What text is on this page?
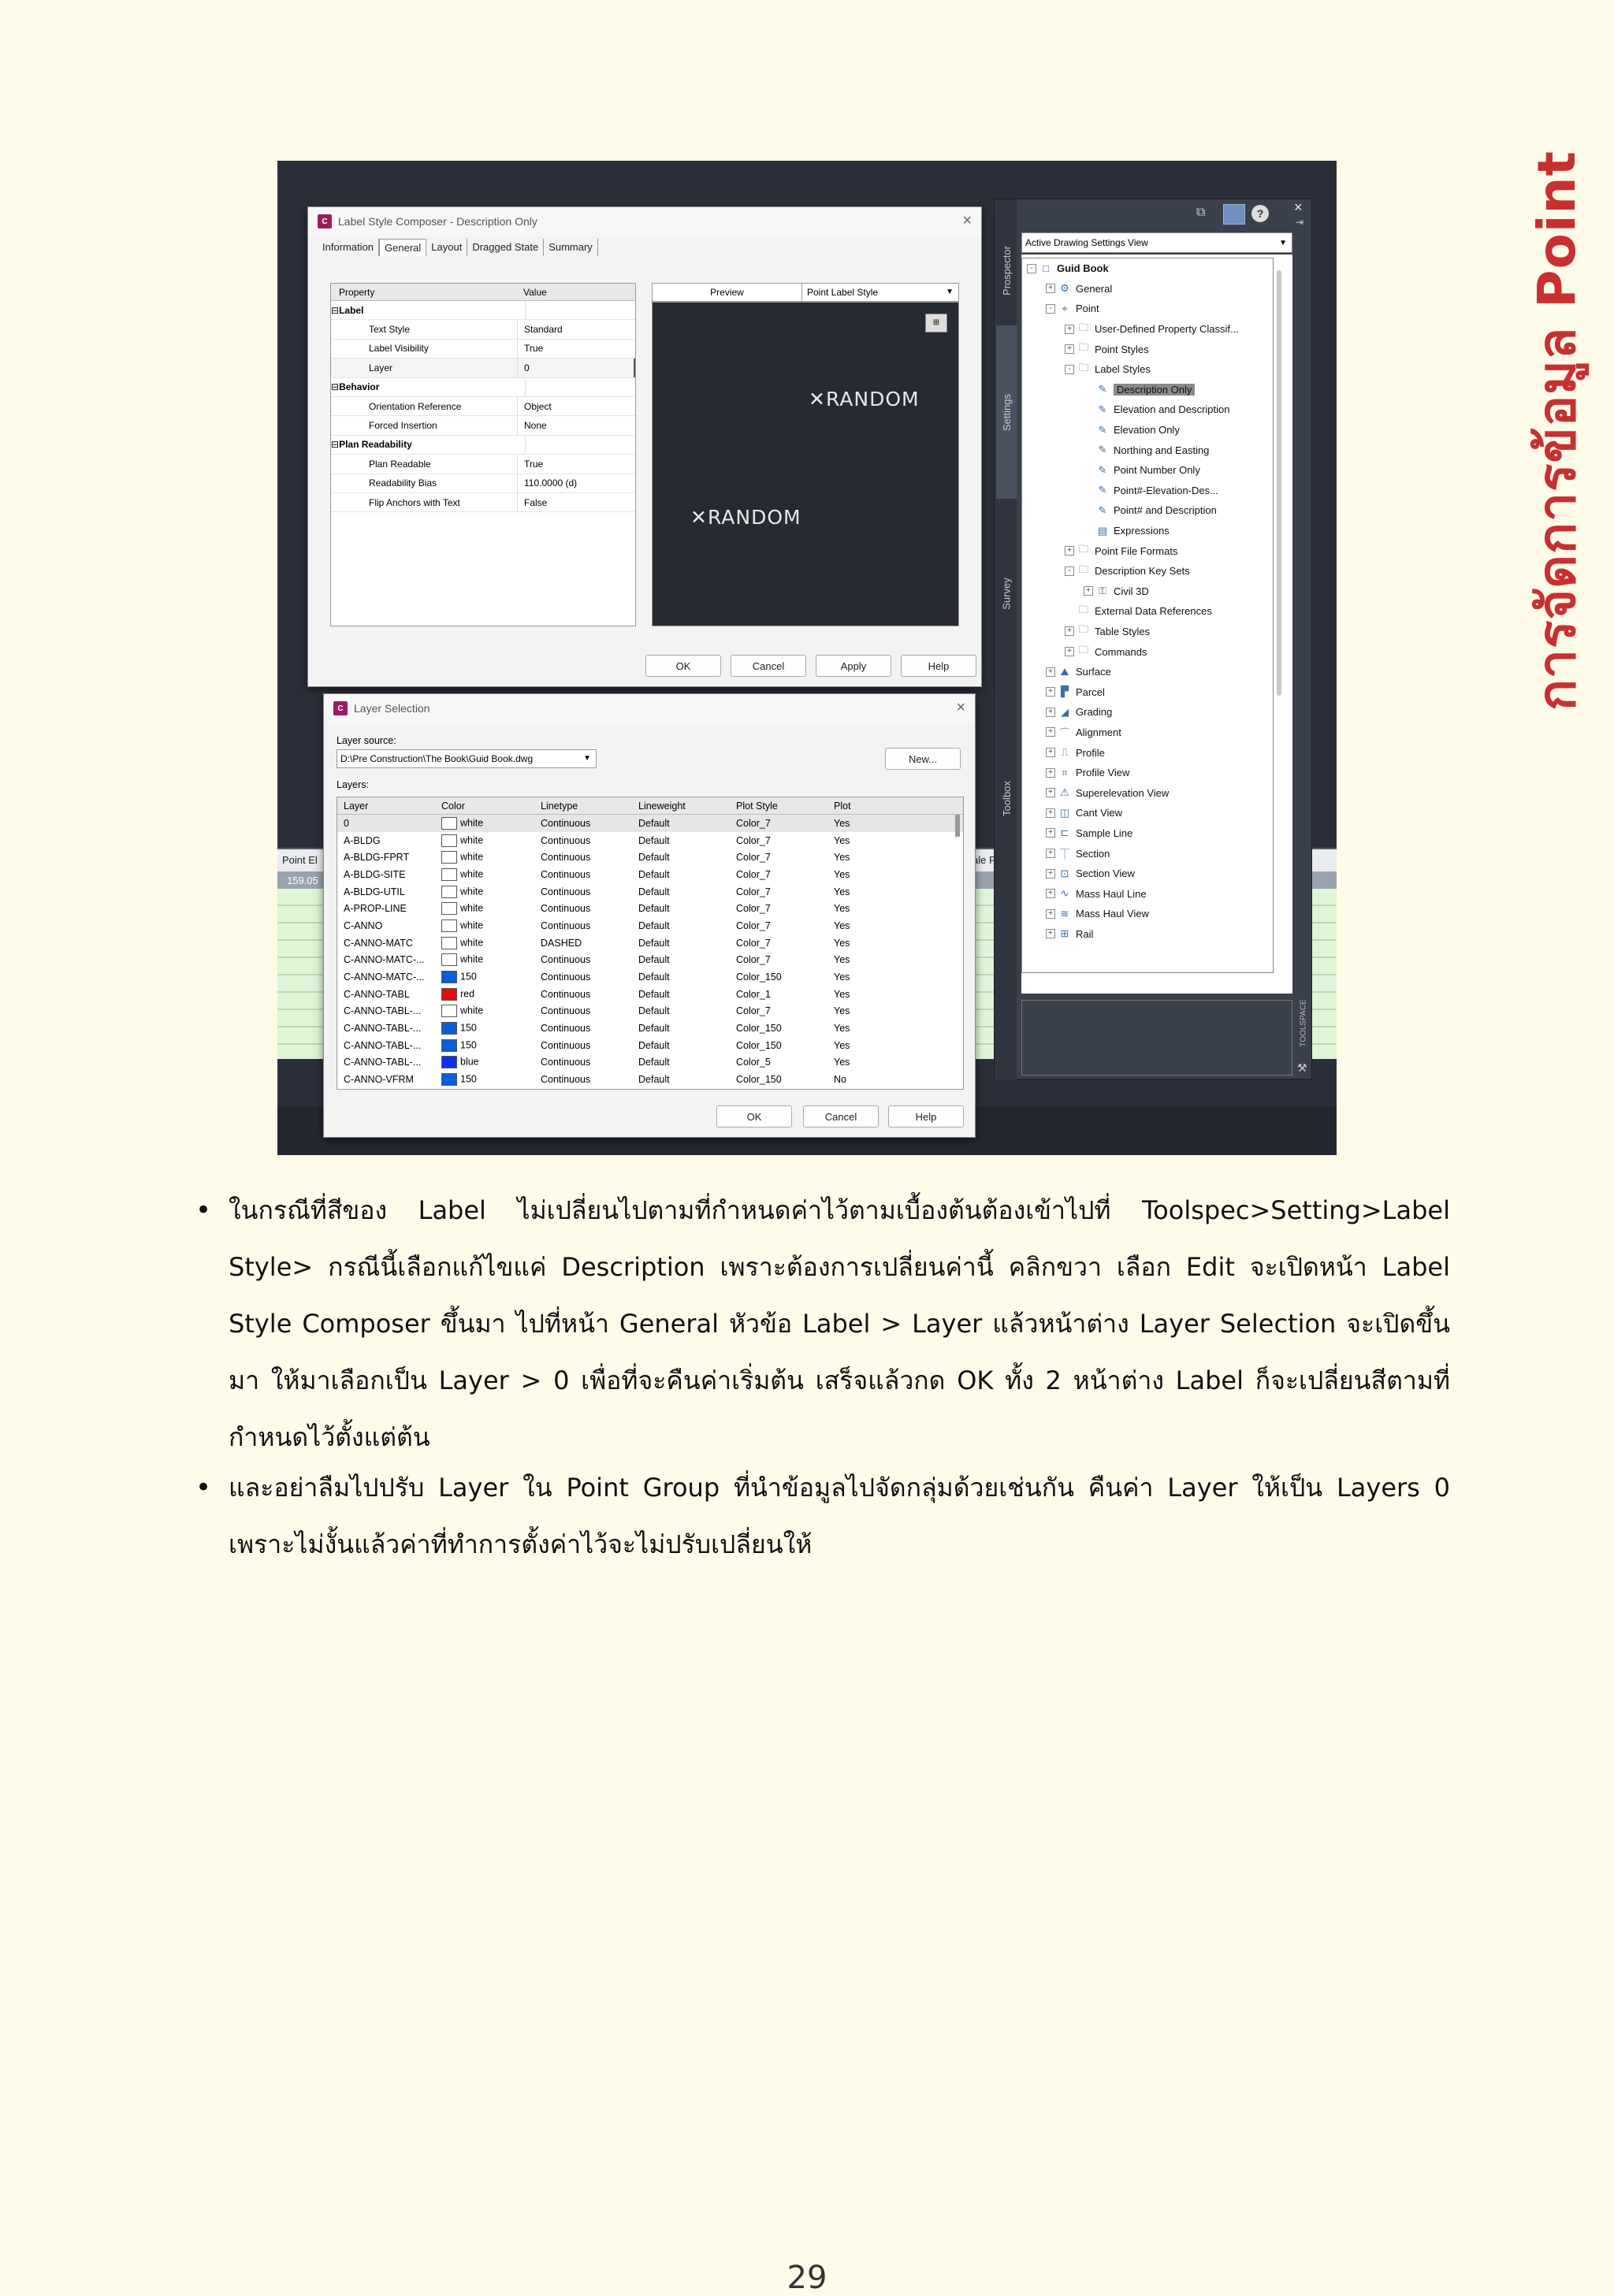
การจัดการข้อมูล Point
Point El
159.05
ale
Prospector
Settings
Survey
Toolbox
⧉	?	×
⇥
Active Drawing Settings View	▼
- □ Guid Book
+ ⚙ General
- ⌖ Point
+ 🗀 User-Defined Property Classif...
+ 🗀 Point Styles
- 🗀 Label Styles
✎ Description Only
✎ Elevation and Description
✎ Elevation Only
✎ Northing and Easting
✎ Point Number Only
✎ Point#-Elevation-Des...
✎ Point# and Description
▤ Expressions
+ 🗀 Point File Formats
- 🗀 Description Key Sets
+ ⚿ Civil 3D
🗀 External Data References
+ 🗀 Table Styles
+ 🗀 Commands
+ ⛰ Surface
+ ▛ Parcel
+ ◢ Grading
+ ⌒ Alignment
+ ⎍ Profile
+ ⌗ Profile View
+ ⚠ Superelevation View
+ ◫ Cant View
+ ⊏ Sample Line
+ ⏉ Section
+ ⊡ Section View
+ ∿ Mass Haul Line
+ ≋ Mass Haul View
+ ⊞ Rail
TOOLSPACE
⚒
C Label Style Composer - Description Only	×
Information	General	Layout	Dragged State	Summary
Property	Value
⊟ Label
Text Style	Standard
Label Visibility	True
Layer	0
⊟ Behavior
Orientation Reference	Object
Forced Insertion	None
⊟ Plan Readability
Plan Readable	True
Readability Bias	110.0000 (d)
Flip Anchors with Text	False
Preview	Point Label Style	▼
⊞
✕RANDOM
✕RANDOM
OK	Cancel	Apply	Help
C Layer Selection	×
Layer source:
D:\Pre Construction\The Book\Guid Book.dwg	▼	New...
Layers:
Layer	Color	Linetype	Lineweight	Plot Style	Plot
0	white	Continuous	Default	Color_7	Yes
A-BLDG	white	Continuous	Default	Color_7	Yes
A-BLDG-FPRT	white	Continuous	Default	Color_7	Yes
A-BLDG-SITE	white	Continuous	Default	Color_7	Yes
A-BLDG-UTIL	white	Continuous	Default	Color_7	Yes
A-PROP-LINE	white	Continuous	Default	Color_7	Yes
C-ANNO	white	Continuous	Default	Color_7	Yes
C-ANNO-MATC	white	DASHED	Default	Color_7	Yes
C-ANNO-MATC-...	white	Continuous	Default	Color_7	Yes
C-ANNO-MATC-...	150	Continuous	Default	Color_150	Yes
C-ANNO-TABL	red	Continuous	Default	Color_1	Yes
C-ANNO-TABL-...	white	Continuous	Default	Color_7	Yes
C-ANNO-TABL-...	150	Continuous	Default	Color_150	Yes
C-ANNO-TABL-...	150	Continuous	Default	Color_150	Yes
C-ANNO-TABL-...	blue	Continuous	Default	Color_5	Yes
C-ANNO-VFRM	150	Continuous	Default	Color_150	No
OK	Cancel	Help
• ในกรณีที่สีของ Label ไม่เปลี่ยนไปตามที่กำหนดค่าไว้ตามเบื้องต้นต้องเข้าไปที่ Toolspec>Setting>Label Style> กรณีนี้เลือกแก้ไขแค่ Description เพราะต้องการเปลี่ยนค่านี้ คลิกขวา เลือก Edit จะเปิดหน้า Label Style Composer ขึ้นมา ไปที่หน้า General หัวข้อ Label > Layer แล้วหน้าต่าง Layer Selection จะเปิดขึ้นมา ให้มาเลือกเป็น Layer > 0 เพื่อที่จะคืนค่าเริ่มต้น เสร็จแล้วกด OK ทั้ง 2 หน้าต่าง Label ก็จะเปลี่ยนสีตามที่กำหนดไว้ตั้งแต่ต้น
• และอย่าลืมไปปรับ Layer ใน Point Group ที่นำข้อมูลไปจัดกลุ่มด้วยเช่นกัน คืนค่า Layer ให้เป็น Layers 0 เพราะไม่งั้นแล้วค่าที่ทำการตั้งค่าไว้จะไม่ปรับเปลี่ยนให้
29
